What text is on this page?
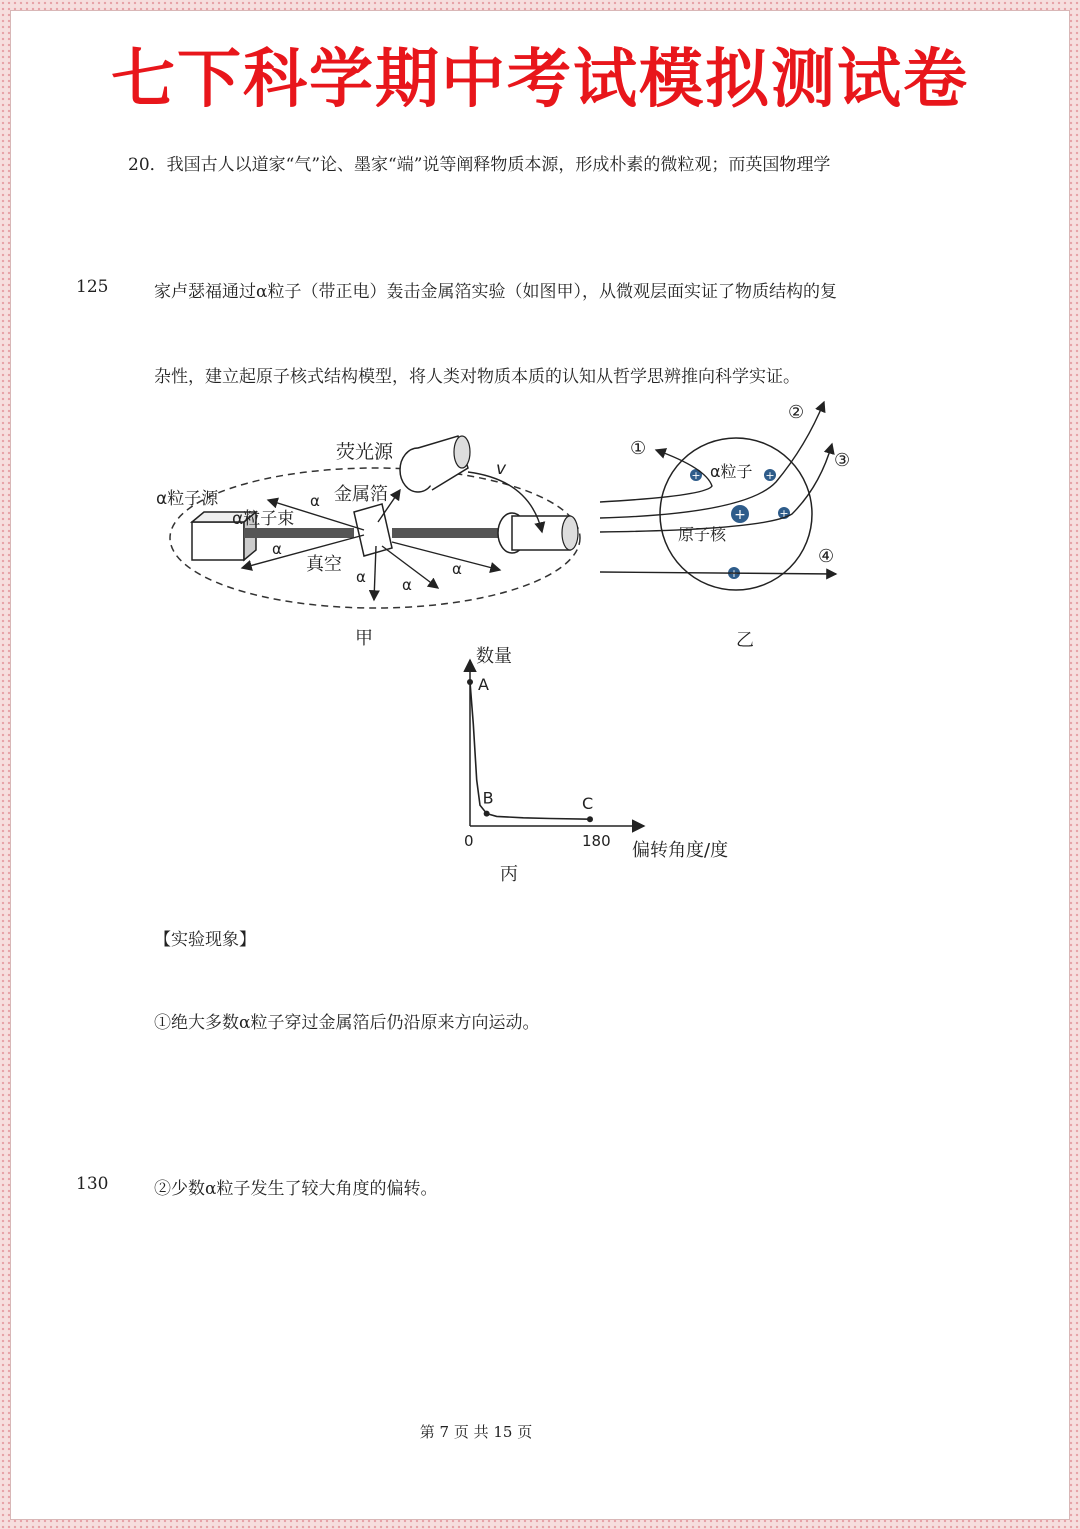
七下科学期中考试模拟测试卷
20．我国古人以道家“气”论、墨家“端”说等阐释物质本源，形成朴素的微粒观；而英国物理学
125	家卢瑟福通过α粒子（带正电）轰击金属箔实验（如图甲），从微观层面实证了物质结构的复
杂性，建立起原子核式结构模型，将人类对物质本质的认知从哲学思辨推向科学实证。
荧光源
v
α粒子源
α粒子束
金属箔
真空
α
α
α α
α
甲
+
+	+
+
+
α粒子
原子核
①
②
③
④
乙
A
B	C
数量
偏转角度/度
0	180
丙
【实验现象】
①绝大多数α粒子穿过金属箔后仍沿原来方向运动。
130	②少数α粒子发生了较大角度的偏转。
第 7 页 共 15 页
